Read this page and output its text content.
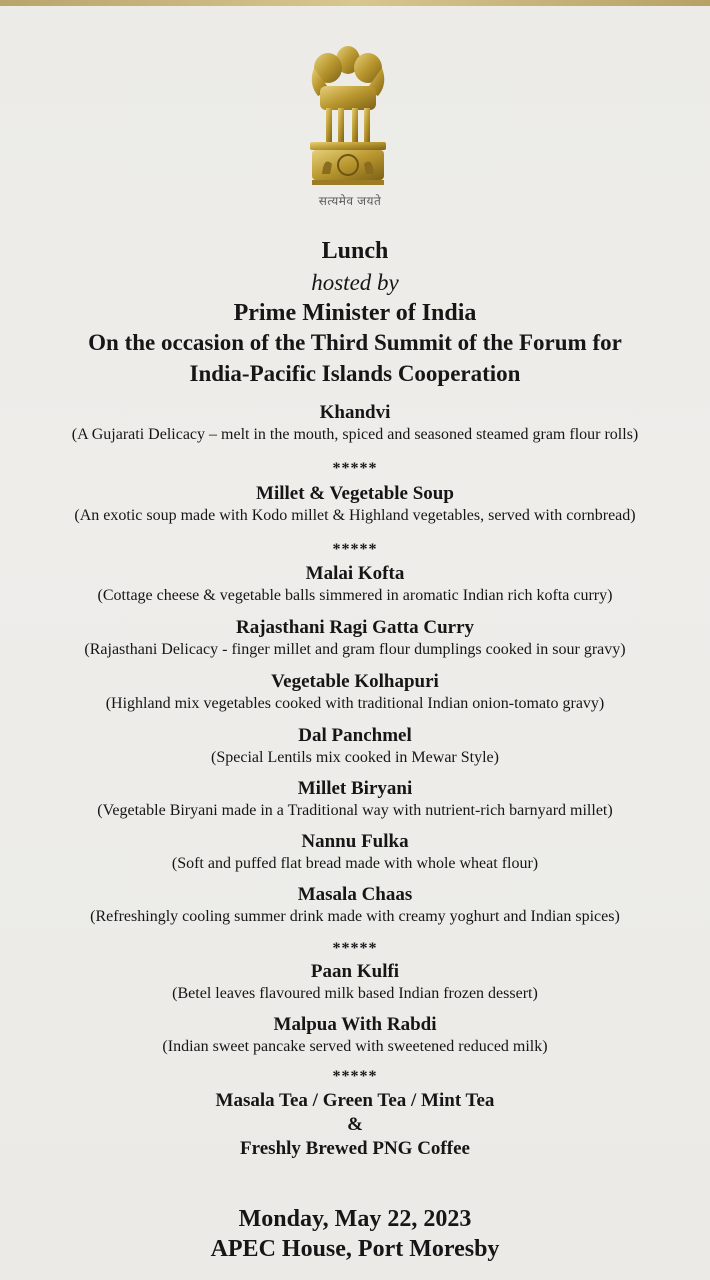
सत्यमेव जयते
Lunch
hosted by
Prime Minister of India
On the occasion of the Third Summit of the Forum for
India-Pacific Islands Cooperation
Khandvi
(A Gujarati Delicacy – melt in the mouth, spiced and seasoned steamed gram flour rolls)
*****
Millet & Vegetable Soup
(An exotic soup made with Kodo millet & Highland vegetables, served with cornbread)
*****
Malai Kofta
(Cottage cheese & vegetable balls simmered in aromatic Indian rich kofta curry)
Rajasthani Ragi Gatta Curry
(Rajasthani Delicacy - finger millet and gram flour dumplings cooked in sour gravy)
Vegetable Kolhapuri
(Highland mix vegetables cooked with traditional Indian onion-tomato gravy)
Dal Panchmel
(Special Lentils mix cooked in Mewar Style)
Millet Biryani
(Vegetable Biryani made in a Traditional way with nutrient-rich barnyard millet)
Nannu Fulka
(Soft and puffed flat bread made with whole wheat flour)
Masala Chaas
(Refreshingly cooling summer drink made with creamy yoghurt and Indian spices)
*****
Paan Kulfi
(Betel leaves flavoured milk based Indian frozen dessert)
Malpua With Rabdi
(Indian sweet pancake served with sweetened reduced milk)
*****
Masala Tea / Green Tea / Mint Tea
&
Freshly Brewed PNG Coffee
Monday, May 22, 2023
APEC House, Port Moresby
